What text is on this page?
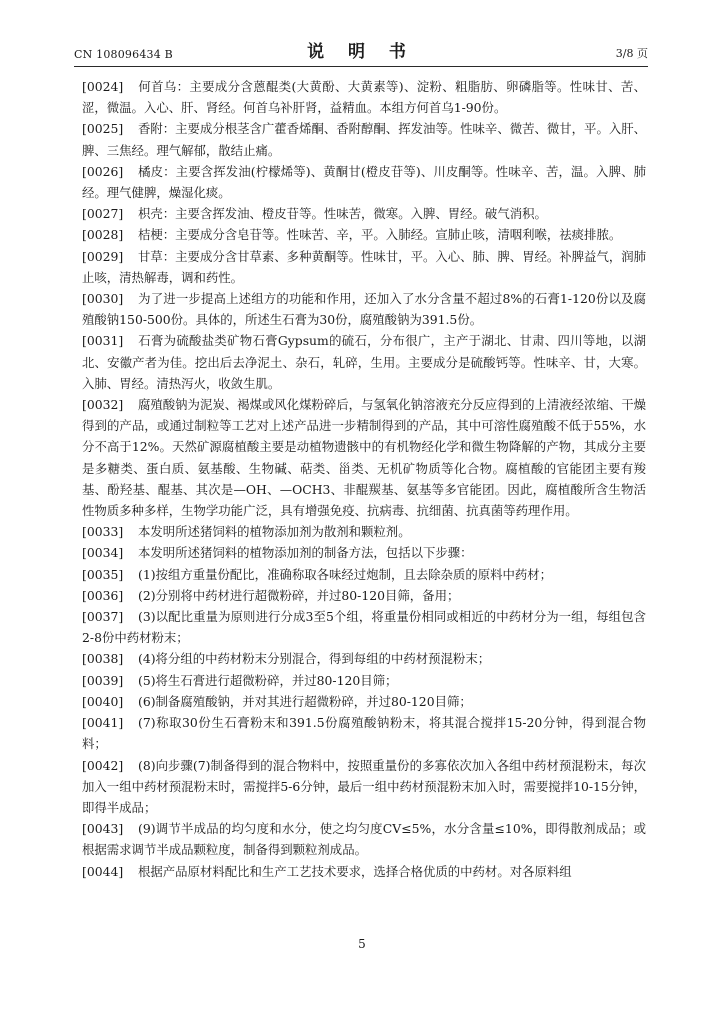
CN 108096434 B	说 明 书	3/8 页

[0024] 何首乌：主要成分含蒽醌类(大黄酚、大黄素等)、淀粉、粗脂肪、卵磷脂等。性味甘、苦、涩，微温。入心、肝、肾经。何首乌补肝肾，益精血。本组方何首乌1-90份。

[0025] 香附：主要成分根茎含广藿香烯酮、香附醇酮、挥发油等。性味辛、微苦、微甘，平。入肝、脾、三焦经。理气解郁，散结止痛。

[0026] 橘皮：主要含挥发油(柠檬烯等)、黄酮甘(橙皮苷等)、川皮酮等。性味辛、苦，温。入脾、肺经。理气健脾，燥湿化痰。

[0027] 枳壳：主要含挥发油、橙皮苷等。性味苦，微寒。入脾、胃经。破气消积。

[0028] 桔梗：主要成分含皂苷等。性味苦、辛，平。入肺经。宣肺止咳，清咽利喉，祛痰排脓。

[0029] 甘草：主要成分含甘草素、多种黄酮等。性味甘，平。入心、肺、脾、胃经。补脾益气，润肺止咳，清热解毒，调和药性。

[0030] 为了进一步提高上述组方的功能和作用，还加入了水分含量不超过8%的石膏1-120份以及腐殖酸钠150-500份。具体的，所述生石膏为30份，腐殖酸钠为391.5份。

[0031] 石膏为硫酸盐类矿物石膏Gypsum的硫石，分布很广，主产于湖北、甘肃、四川等地，以湖北、安徽产者为佳。挖出后去净泥土、杂石，轧碎，生用。主要成分是硫酸钙等。性味辛、甘，大寒。入肺、胃经。清热泻火，收敛生肌。

[0032] 腐殖酸钠为泥炭、褐煤或风化煤粉碎后，与氢氧化钠溶液充分反应得到的上清液经浓缩、干燥得到的产品，或通过制粒等工艺对上述产品进一步精制得到的产品，其中可溶性腐殖酸不低于55%，水分不高于12%。天然矿源腐植酸主要是动植物遗骸中的有机物经化学和微生物降解的产物，其成分主要是多糖类、蛋白质、氨基酸、生物碱、萜类、甾类、无机矿物质等化合物。腐植酸的官能团主要有羧基、酚羟基、醌基、其次是—OH、—OCH3、非醌羰基、氨基等多官能团。因此，腐植酸所含生物活性物质多种多样，生物学功能广泛，具有增强免疫、抗病毒、抗细菌、抗真菌等药理作用。

[0033] 本发明所述猪饲料的植物添加剂为散剂和颗粒剂。

[0034] 本发明所述猪饲料的植物添加剂的制备方法，包括以下步骤：

[0035] (1)按组方重量份配比，准确称取各味经过炮制，且去除杂质的原料中药材；

[0036] (2)分别将中药材进行超微粉碎，并过80-120目筛，备用；

[0037] (3)以配比重量为原则进行分成3至5个组，将重量份相同或相近的中药材分为一组，每组包含2-8份中药材粉末；

[0038] (4)将分组的中药材粉末分别混合，得到每组的中药材预混粉末；

[0039] (5)将生石膏进行超微粉碎，并过80-120目筛；

[0040] (6)制备腐殖酸钠，并对其进行超微粉碎，并过80-120目筛；

[0041] (7)称取30份生石膏粉末和391.5份腐殖酸钠粉末，将其混合搅拌15-20分钟，得到混合物料；

[0042] (8)向步骤(7)制备得到的混合物料中，按照重量份的多寡依次加入各组中药材预混粉末，每次加入一组中药材预混粉末时，需搅拌5-6分钟，最后一组中药材预混粉末加入时，需要搅拌10-15分钟，即得半成品；

[0043] (9)调节半成品的均匀度和水分，使之均匀度CV≤5%，水分含量≤10%，即得散剂成品；或根据需求调节半成品颗粒度，制备得到颗粒剂成品。

[0044] 根据产品原材料配比和生产工艺技术要求，选择合格优质的中药材。对各原料组

5
